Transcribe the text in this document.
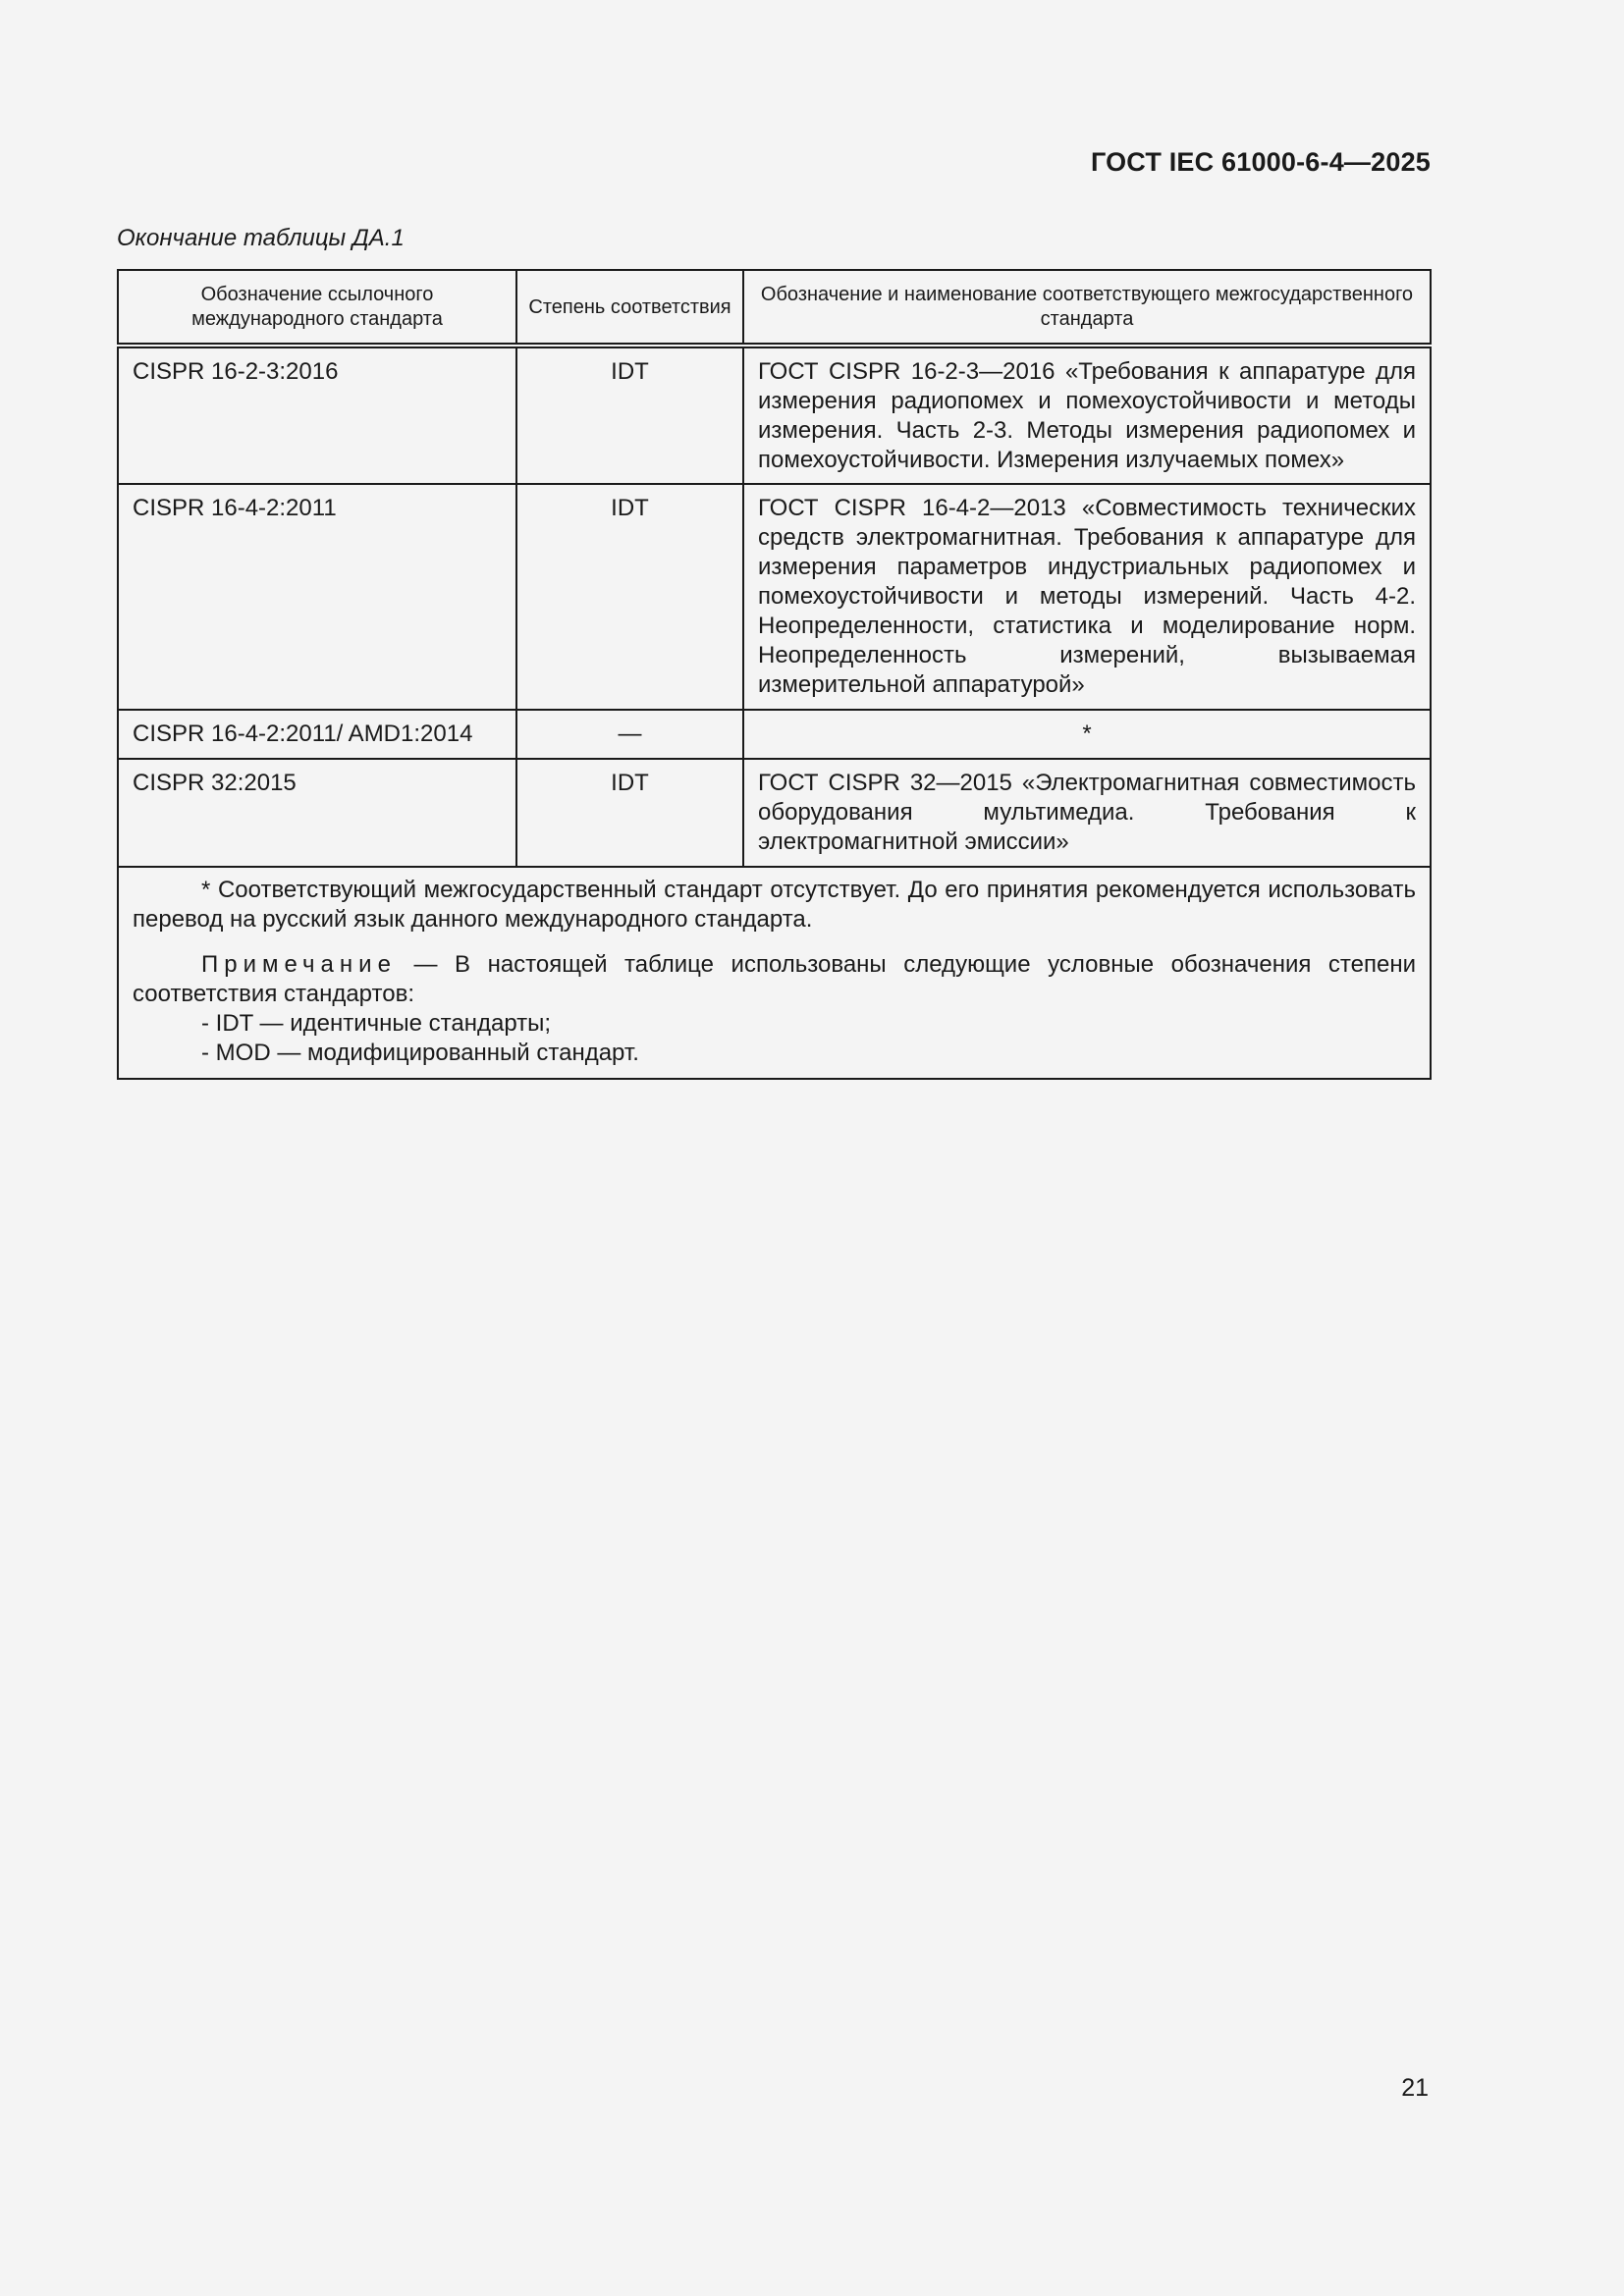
ГОСТ IEC 61000-6-4—2025
Окончание таблицы ДА.1
Обозначение ссылочного международного стандарта	Степень соответствия	Обозначение и наименование соответствующего межгосударственного стандарта
CISPR 16-2-3:2016	IDT	ГОСТ CISPR 16-2-3—2016 «Требования к аппаратуре для измерения радиопомех и помехоустойчивости и методы измерения. Часть 2-3. Методы измерения радиопомех и помехоустойчивости. Измерения излучаемых помех»
CISPR 16-4-2:2011	IDT	ГОСТ CISPR 16-4-2—2013 «Совместимость технических средств электромагнитная. Требования к аппаратуре для измерения параметров индустриальных радиопомех и помехоустойчивости и методы измерений. Часть 4-2. Неопределенности, статистика и моделирование норм. Неопределенность измерений, вызываемая измерительной аппаратурой»
CISPR 16-4-2:2011/ AMD1:2014	—	*
CISPR 32:2015	IDT	ГОСТ CISPR 32—2015 «Электромагнитная совместимость оборудования мультимедиа. Требования к электромагнитной эмиссии»

* Соответствующий межгосударственный стандарт отсутствует. До его принятия рекомендуется использовать перевод на русский язык данного международного стандарта.

Примечание — В настоящей таблице использованы следующие условные обозначения степени соответствия стандартов:

- IDT — идентичные стандарты;

- MOD — модифицированный стандарт.		

21
